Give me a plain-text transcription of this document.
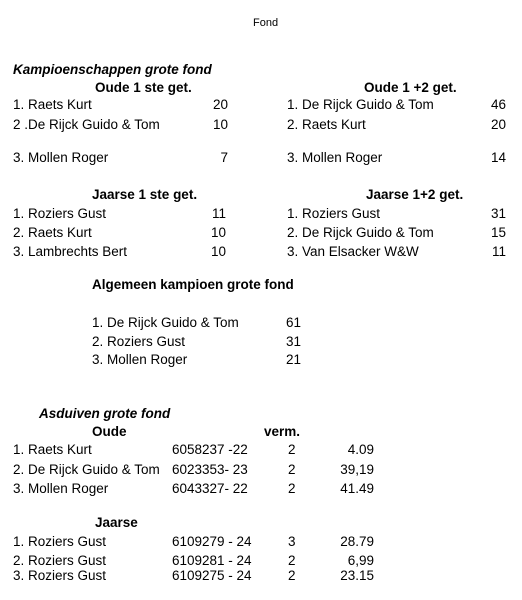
Fond
Kampioenschappen grote fond
Oude 1 ste get.
1. Raets Kurt	20
2 .De Rijck Guido & Tom	10
3. Mollen Roger	7
Oude 1 +2 get.
1. De Rijck Guido & Tom	46
2. Raets Kurt	20
3. Mollen Roger	14
Jaarse 1 ste get.
1. Roziers Gust	11
2. Raets Kurt	10
3. Lambrechts Bert	10
Jaarse 1+2 get.
1. Roziers Gust	31
2. De Rijck Guido & Tom	15
3. Van Elsacker W&W	11
Algemeen kampioen grote fond
1. De Rijck Guido & Tom	61
2. Roziers Gust	31
3. Mollen Roger	21
Asduiven grote fond
Oude	verm.
1. Raets Kurt	6058237 -22	2	4.09
2. De Rijck Guido & Tom 6023353- 23	2	39,19
3. Mollen Roger	6043327- 22	2	41.49
Jaarse
1. Roziers Gust	6109279 - 24	3	28.79
2. Roziers Gust	6109281 - 24	2	6,99
3. Roziers Gust	6109275 - 24	2	23.15
